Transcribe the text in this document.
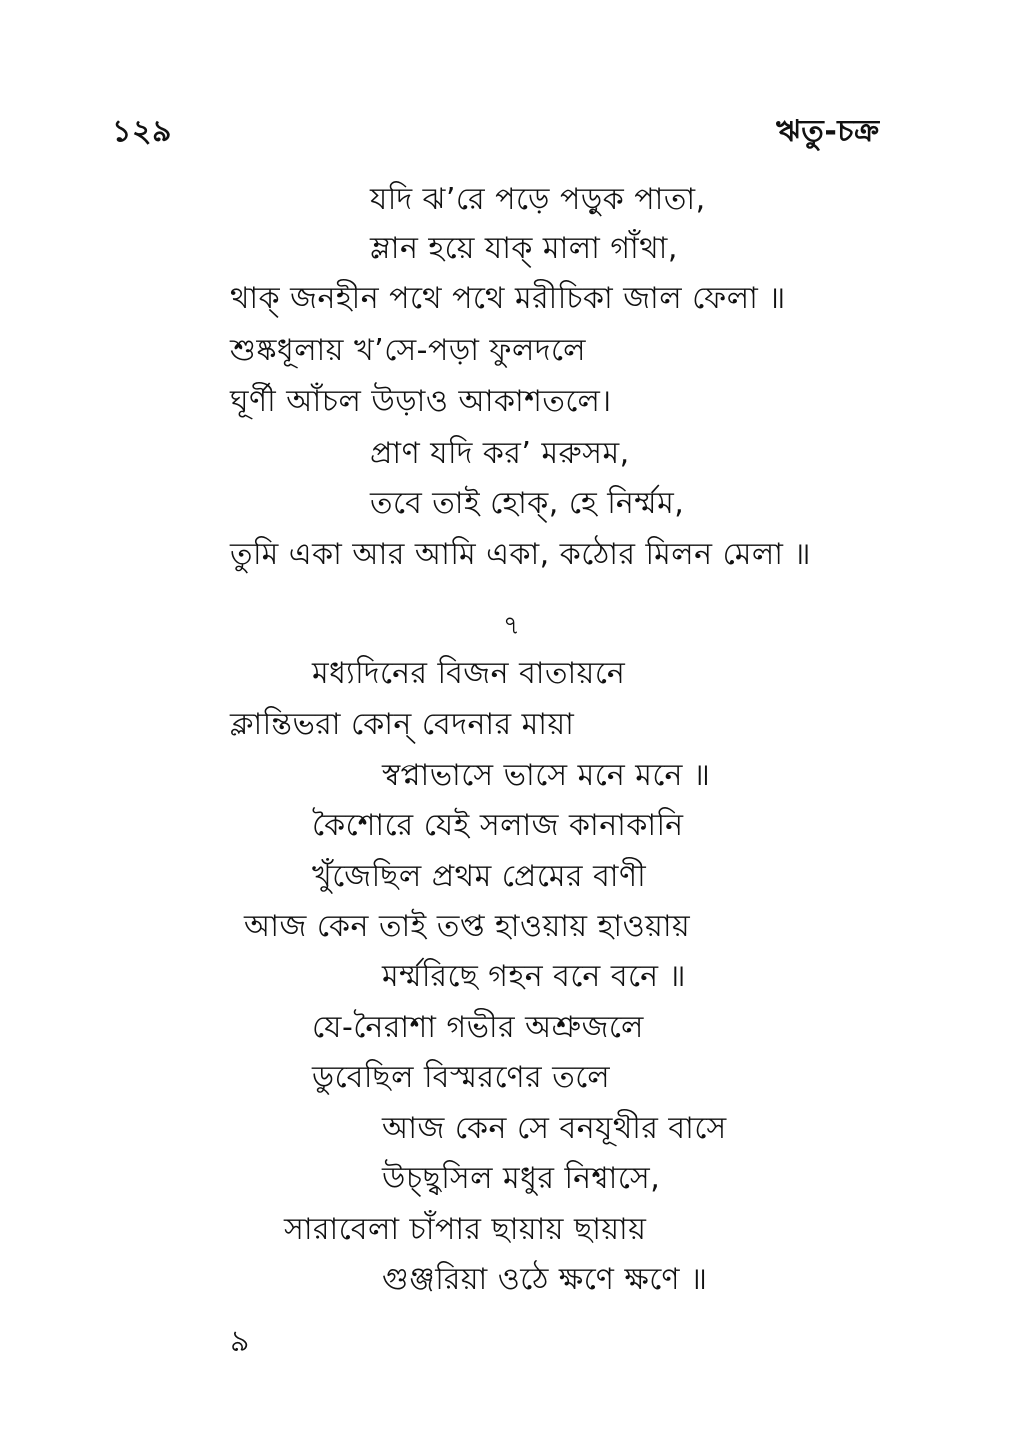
১২৯	ঋতু-চক্র
যদি ঝ’রে পড়ে পড়ুক পাতা,
ম্লান হয়ে যাক্‌ মালা গাঁথা,
থাক্‌ জনহীন পথে পথে মরীচিকা জাল ফেলা ॥
শুষ্কধূলায় খ’সে-পড়া ফুলদলে
ঘূর্ণী আঁচল উড়াও আকাশতলে।
প্রাণ যদি কর’ মরুসম,
তবে তাই হোক্‌, হে নির্ম্মম,
তুমি একা আর আমি একা, কঠোর মিলন মেলা ॥
৭
মধ্যদিনের বিজন বাতায়নে
ক্লান্তিভরা কোন্‌ বেদনার মায়া
স্বপ্নাভাসে ভাসে মনে মনে ॥
কৈশোরে যেই সলাজ কানাকানি
খুঁজেছিল প্রথম প্রেমের বাণী
আজ কেন তাই তপ্ত হাওয়ায় হাওয়ায়
মর্ম্মরিছে গহন বনে বনে ॥
যে-নৈরাশা গভীর অশ্রুজলে
ডুবেছিল বিস্মরণের তলে
আজ কেন সে বনযূথীর বাসে
উচ্ছ্বসিল মধুর নিশ্বাসে,
সারাবেলা চাঁপার ছায়ায় ছায়ায়
গুঞ্জরিয়া ওঠে ক্ষণে ক্ষণে ॥
৯
